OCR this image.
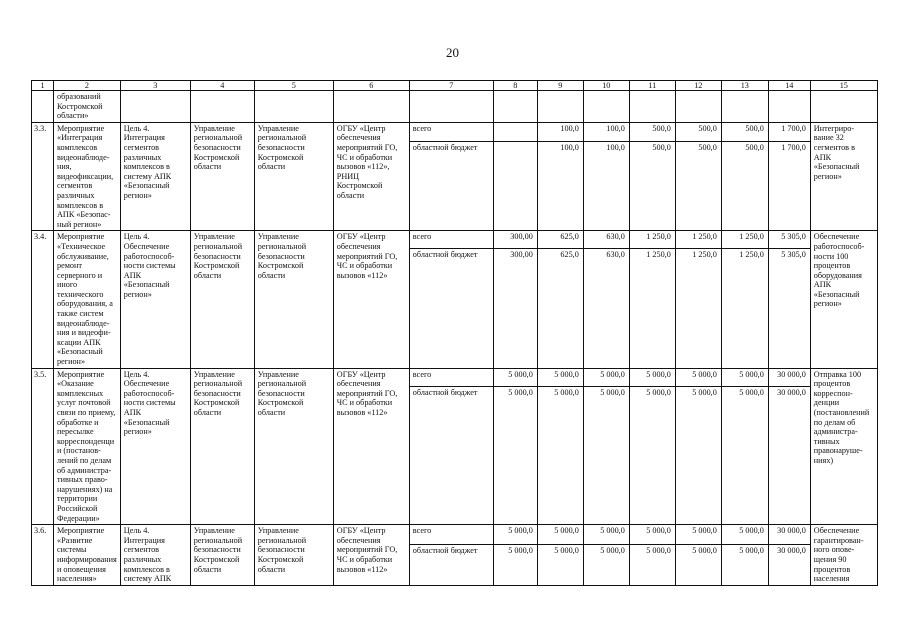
20
1	2	3	4	5	6	7	8	9	10	11	12	13	14	15
	образований Костромской области»													
3.3.	Мероприятие «Интеграция комплексов видеонаблюде-ния, видеофиксации, сегментов различных комплексов в АПК «Безопас-ный регион»	Цель 4. Интеграция сегментов различных комплексов в систему АПК «Безопасный регион»	Управление региональной безопасности Костромской области	Управление региональной безопасности Костромской области	ОГБУ «Центр обеспечения мероприятий ГО, ЧС и обработки вызовов «112», РНИЦ Костромской области	всего		100,0	100,0	500,0	500,0	500,0	1 700,0	Интегриро-вание 32 сегментов в АПК «Безопасный регион»
						областной бюджет		100,0	100,0	500,0	500,0	500,0	1 700,0	
3.4.	Мероприятие «Техническое обслуживание, ремонт серверного и иного технического оборудования, а также систем видеонаблюде-ния и видеофи-ксации АПК «Безопасный регион»	Цель 4. Обеспечение работоспособ-ности системы АПК «Безопасный регион»	Управление региональной безопасности Костромской области	Управление региональной безопасности Костромской области	ОГБУ «Центр обеспечения мероприятий ГО, ЧС и обработки вызовов «112»	всего	300,00	625,0	630,0	1 250,0	1 250,0	1 250,0	5 305,0	Обеспечение работоспособ-ности 100 процентов оборудования АПК «Безопасный регион»
						областной бюджет	300,00	625,0	630,0	1 250,0	1 250,0	1 250,0	5 305,0	
3.5.	Мероприятие «Оказание комплексных услуг почтовой связи по приему, обработке и пересылке корреспонденци и (постанов-лений по делам об администра-тивных право-нарушениях) на территории Российской Федерации»	Цель 4. Обеспечение работоспособ-ности системы АПК «Безопасный регион»	Управление региональной безопасности Костромской области	Управление региональной безопасности Костромской области	ОГБУ «Центр обеспечения мероприятий ГО, ЧС и обработки вызовов «112»	всего	5 000,0	5 000,0	5 000,0	5 000,0	5 000,0	5 000,0	30 000,0	Отправка 100 процентов корреспон-денции (постановлений по делам об администра-тивных правонаруше-ниях)
						областной бюджет	5 000,0	5 000,0	5 000,0	5 000,0	5 000,0	5 000,0	30 000,0	
3.6.	Мероприятие «Развитие системы информирования и оповещения населения»	Цель 4. Интеграция сегментов различных комплексов в систему АПК	Управление региональной безопасности Костромской области	Управление региональной безопасности Костромской области	ОГБУ «Центр обеспечения мероприятий ГО, ЧС и обработки вызовов «112»	всего	5 000,0	5 000,0	5 000,0	5 000,0	5 000,0	5 000,0	30 000,0	Обеспечение гарантирован-ного оповe-щения 90 процентов населения
						областной бюджет	5 000,0	5 000,0	5 000,0	5 000,0	5 000,0	5 000,0	30 000,0	
